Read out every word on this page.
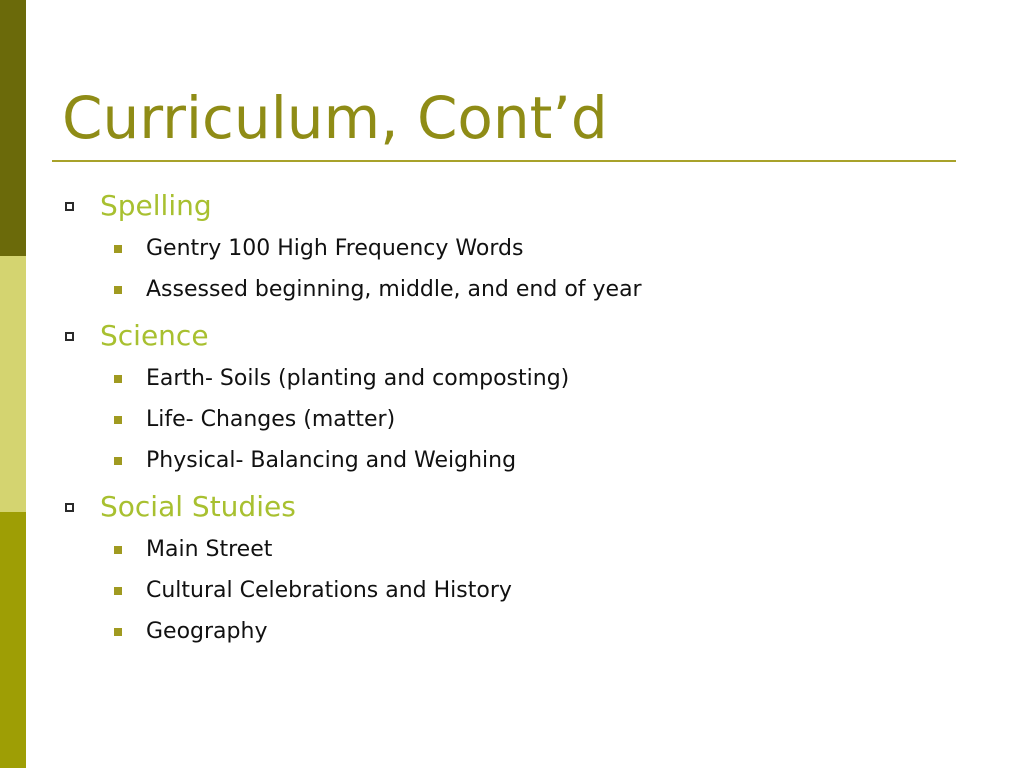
Curriculum, Cont’d
Spelling
Gentry 100 High Frequency Words
Assessed beginning, middle, and end of year
Science
Earth- Soils (planting and composting)
Life- Changes (matter)
Physical- Balancing and Weighing
Social Studies
Main Street
Cultural Celebrations and History
Geography
